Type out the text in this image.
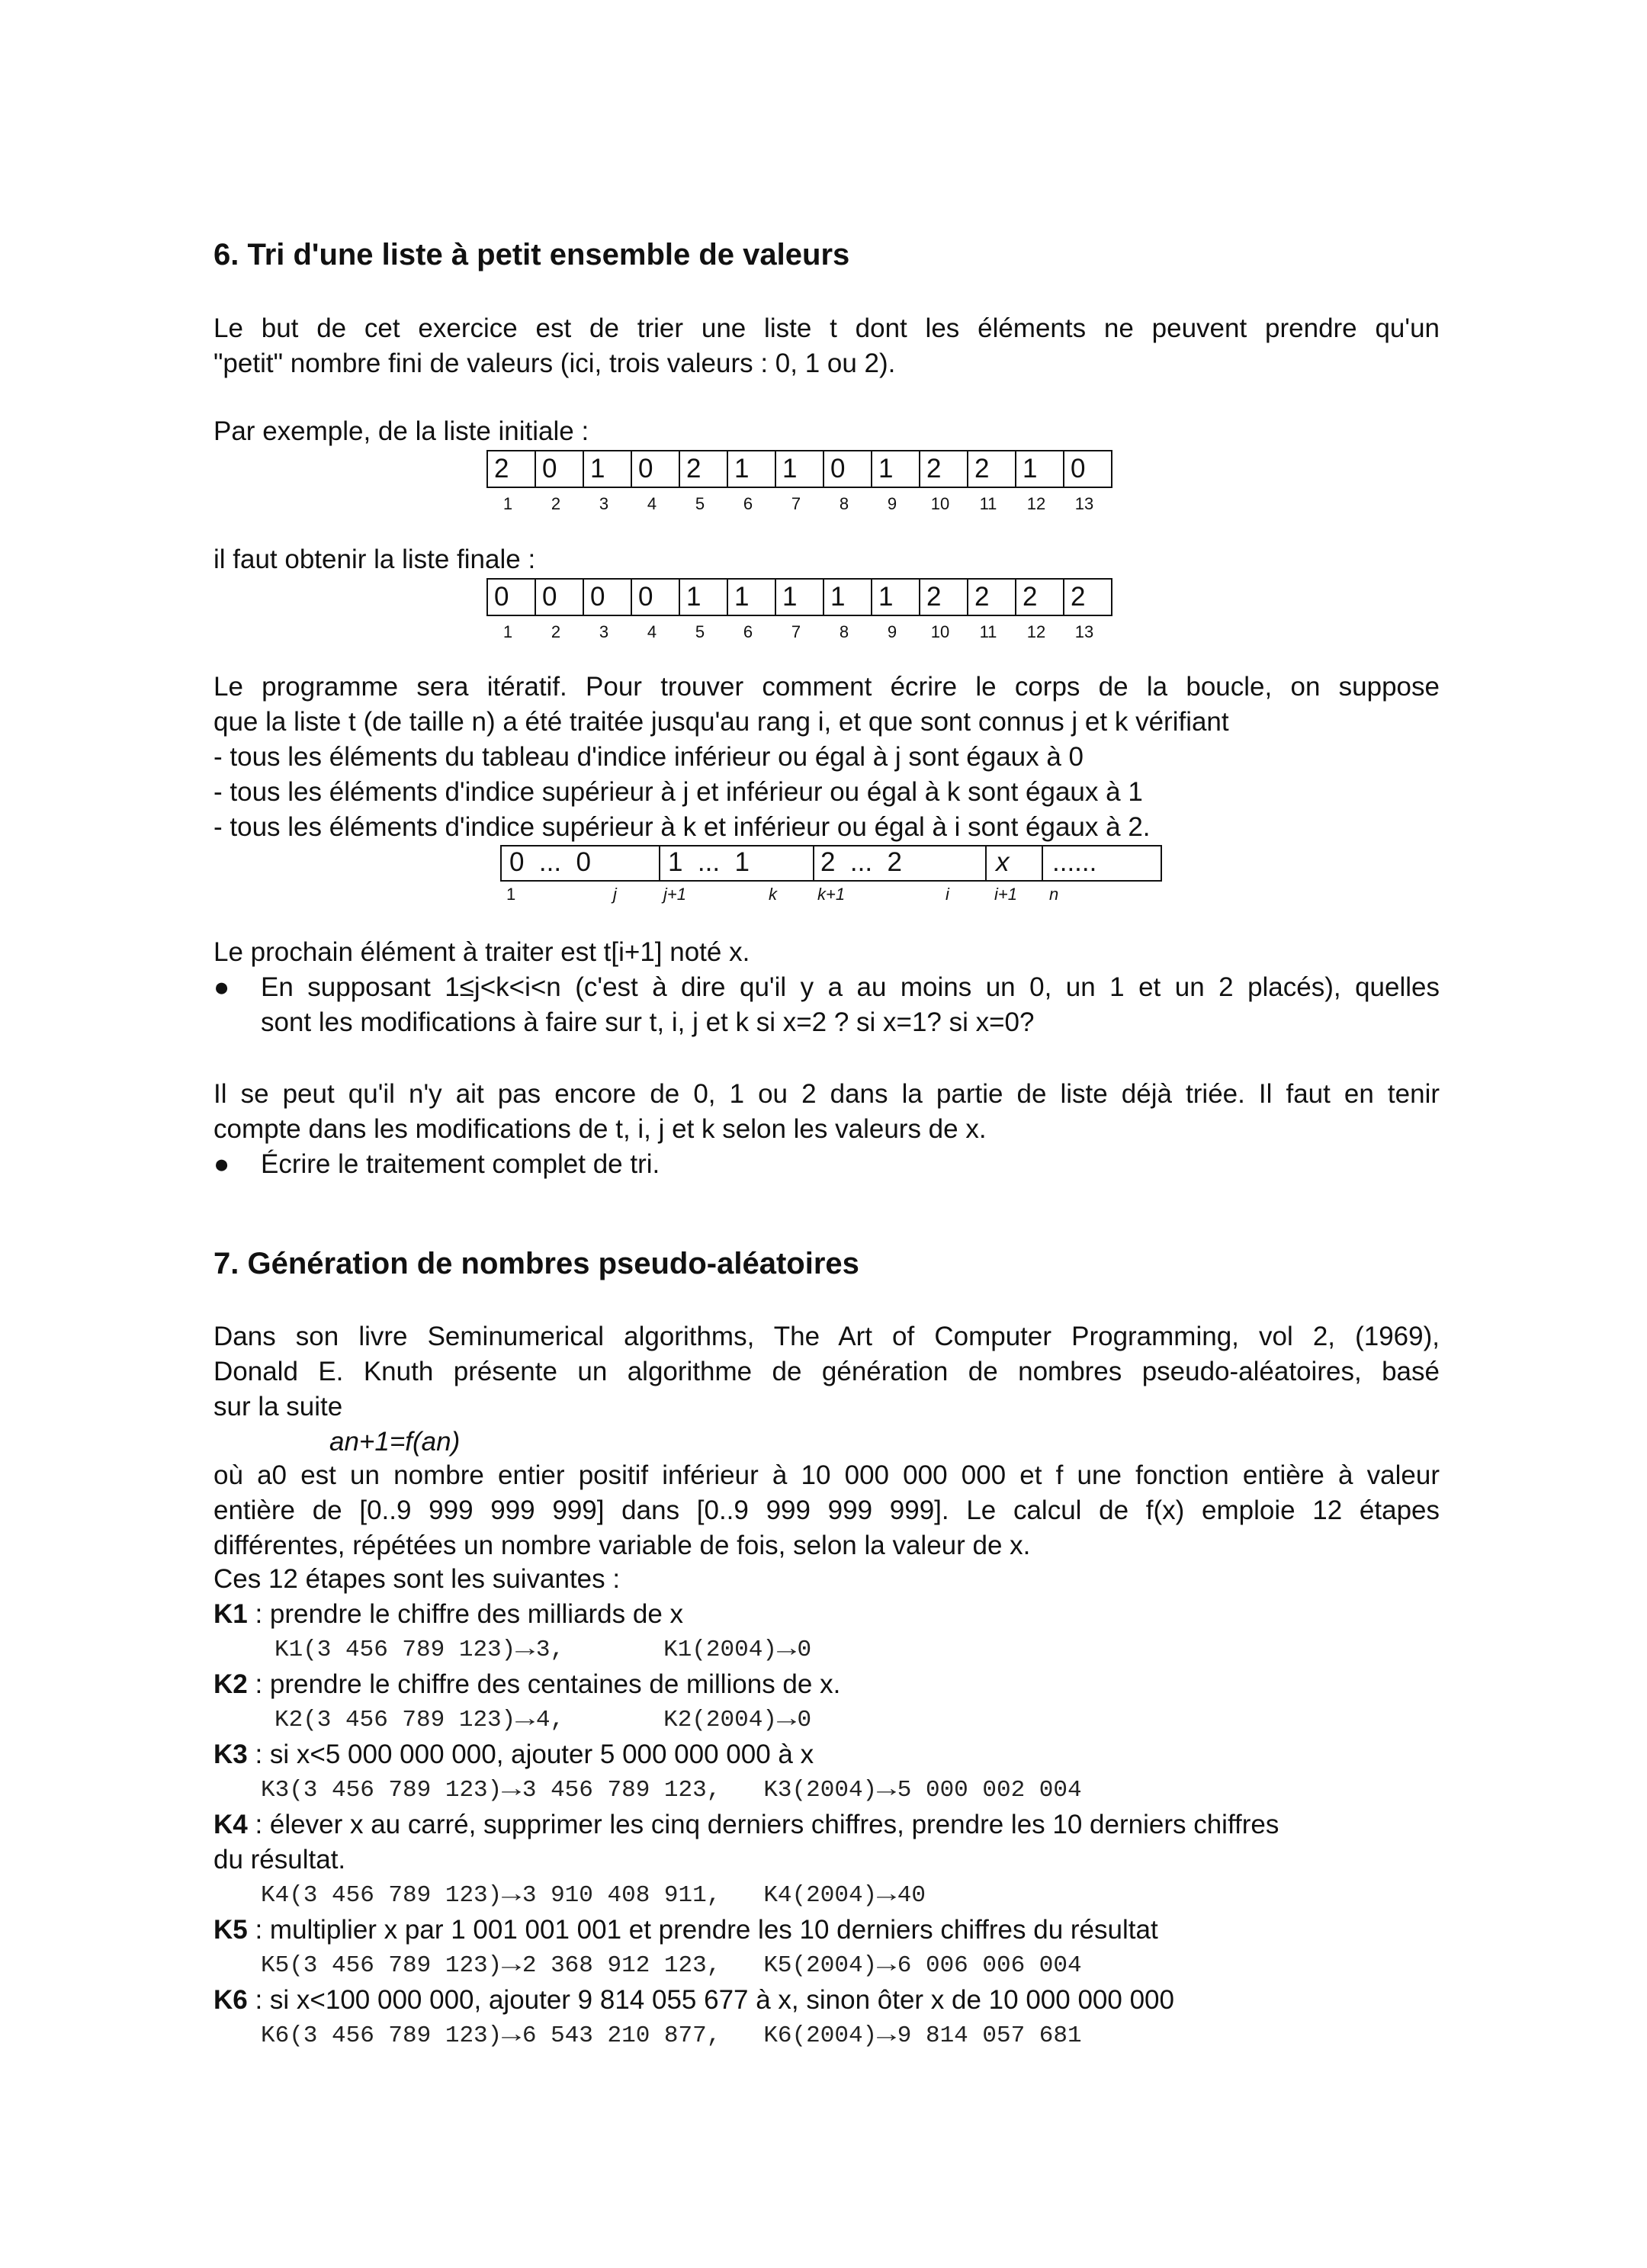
6. Tri d'une liste à petit ensemble de valeurs
Le but de cet exercice est de trier une liste t dont les éléments ne peuvent prendre qu'un
"petit" nombre fini de valeurs (ici, trois valeurs : 0, 1 ou 2).
Par exemple, de la liste initiale :
2	0	1	0	2	1	1	0	1	2	2	1	0
1	2	3	4	5	6	7	8	9	10	11	12	13
il faut obtenir la liste finale :
0	0	0	0	1	1	1	1	1	2	2	2	2
1	2	3	4	5	6	7	8	9	10	11	12	13
Le programme sera itératif. Pour trouver comment écrire le corps de la boucle, on suppose
que la liste t (de taille n) a été traitée jusqu'au rang i, et que sont connus j et k vérifiant
- tous les éléments du tableau d'indice inférieur ou égal à j sont égaux à 0
- tous les éléments d'indice supérieur à j et inférieur ou égal à k sont égaux à 1
- tous les éléments d'indice supérieur à k et inférieur ou égal à i sont égaux à 2.
0  ...  0	1  ...  1	2  ...  2	x ......
1	j	j+1	k k+1	i	i+1 n
Le prochain élément à traiter est t[i+1] noté x.
● En supposant 1≤j<k<i<n (c'est à dire qu'il y a au moins un 0, un 1 et un 2 placés), quelles
sont les modifications à faire sur t, i, j et k si x=2 ? si x=1? si x=0?
Il se peut qu'il n'y ait pas encore de 0, 1 ou 2 dans la partie de liste déjà triée. Il faut en tenir
compte dans les modifications de t, i, j et k selon les valeurs de x.
● Écrire le traitement complet de tri.
7. Génération de nombres pseudo-aléatoires
Dans son livre Seminumerical algorithms, The Art of Computer Programming, vol 2, (1969),
Donald E. Knuth présente un algorithme de génération de nombres pseudo-aléatoires, basé
sur la suite
an+1=f(an)
où a0 est un nombre entier positif inférieur à 10 000 000 000 et f une fonction entière à valeur
entière de [0..9 999 999 999] dans [0..9 999 999 999]. Le calcul de f(x) emploie 12 étapes
différentes, répétées un nombre variable de fois, selon la valeur de x.
Ces 12 étapes sont les suivantes :
K1 : prendre le chiffre des milliards de x
K1(3 456 789 123)→3,	K1(2004)→0
K2 : prendre le chiffre des centaines de millions de x.
K2(3 456 789 123)→4,	K2(2004)→0
K3 : si x<5 000 000 000, ajouter 5 000 000 000 à x
K3(3 456 789 123)→3 456 789 123, K3(2004)→5 000 002 004
K4 : élever x au carré, supprimer les cinq derniers chiffres, prendre les 10 derniers chiffres
du résultat.
K4(3 456 789 123)→3 910 408 911, K4(2004)→40
K5 : multiplier x par 1 001 001 001 et prendre les 10 derniers chiffres du résultat
K5(3 456 789 123)→2 368 912 123, K5(2004)→6 006 006 004
K6 : si x<100 000 000, ajouter 9 814 055 677 à x, sinon ôter x de 10 000 000 000
K6(3 456 789 123)→6 543 210 877, K6(2004)→9 814 057 681
